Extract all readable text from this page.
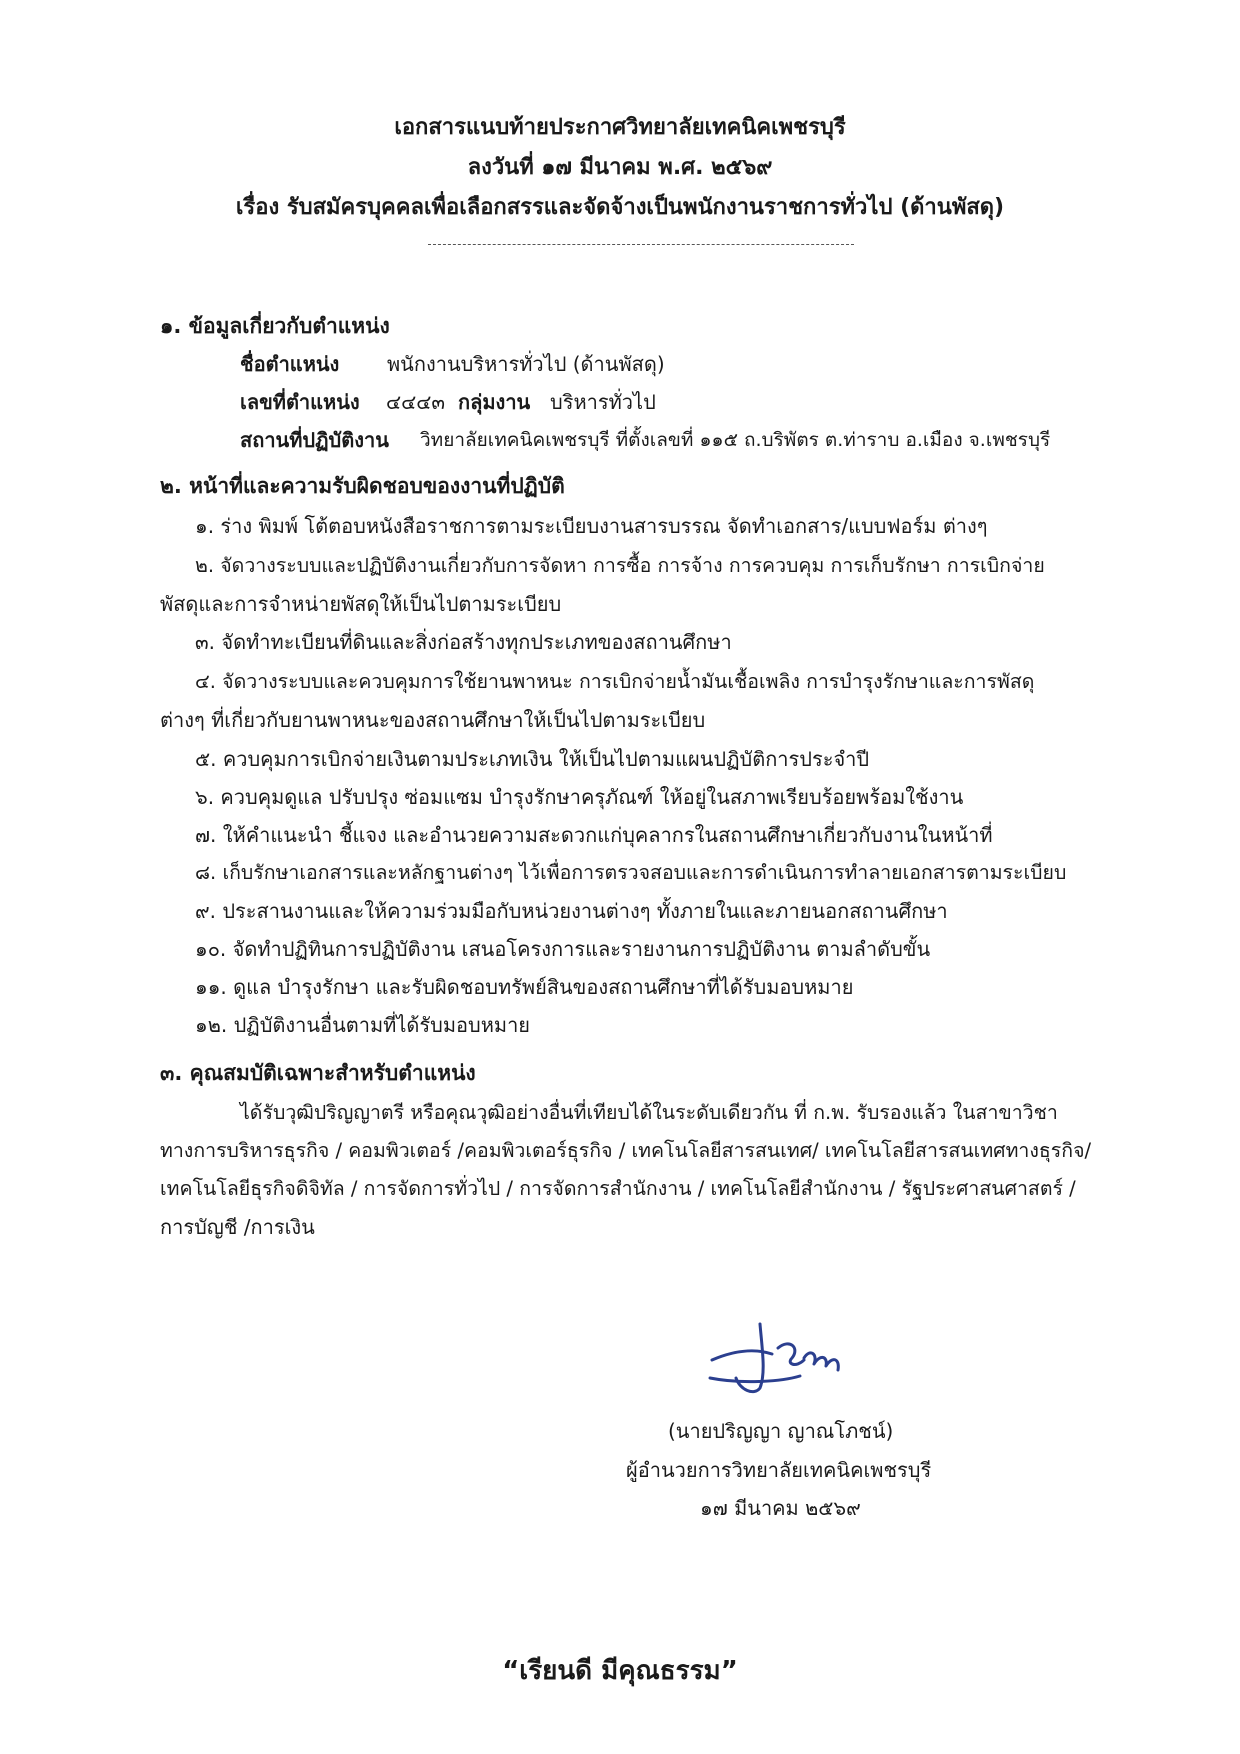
เอกสารแนบท้ายประกาศวิทยาลัยเทคนิคเพชรบุรี
ลงวันที่ ๑๗ มีนาคม พ.ศ. ๒๕๖๙
เรื่อง รับสมัครบุคคลเพื่อเลือกสรรและจัดจ้างเป็นพนักงานราชการทั่วไป (ด้านพัสดุ)
๑. ข้อมูลเกี่ยวกับตำแหน่ง
ชื่อตำแหน่ง พนักงานบริหารทั่วไป (ด้านพัสดุ)
เลขที่ตำแหน่ง ๔๔๔๓ กลุ่มงาน บริหารทั่วไป
สถานที่ปฏิบัติงาน วิทยาลัยเทคนิคเพชรบุรี ที่ตั้งเลขที่ ๑๑๕ ถ.บริพัตร ต.ท่าราบ อ.เมือง จ.เพชรบุรี
๒. หน้าที่และความรับผิดชอบของงานที่ปฏิบัติ
๑. ร่าง พิมพ์ โต้ตอบหนังสือราชการตามระเบียบงานสารบรรณ จัดทำเอกสาร/แบบฟอร์ม ต่างๆ
๒. จัดวางระบบและปฏิบัติงานเกี่ยวกับการจัดหา การซื้อ การจ้าง การควบคุม การเก็บรักษา การเบิกจ่าย
พัสดุและการจำหน่ายพัสดุให้เป็นไปตามระเบียบ
๓. จัดทำทะเบียนที่ดินและสิ่งก่อสร้างทุกประเภทของสถานศึกษา
๔. จัดวางระบบและควบคุมการใช้ยานพาหนะ การเบิกจ่ายน้ำมันเชื้อเพลิง การบำรุงรักษาและการพัสดุ
ต่างๆ ที่เกี่ยวกับยานพาหนะของสถานศึกษาให้เป็นไปตามระเบียบ
๕. ควบคุมการเบิกจ่ายเงินตามประเภทเงิน ให้เป็นไปตามแผนปฏิบัติการประจำปี
๖. ควบคุมดูแล ปรับปรุง ซ่อมแซม บำรุงรักษาครุภัณฑ์ ให้อยู่ในสภาพเรียบร้อยพร้อมใช้งาน
๗. ให้คำแนะนำ ชี้แจง และอำนวยความสะดวกแก่บุคลากรในสถานศึกษาเกี่ยวกับงานในหน้าที่
๘. เก็บรักษาเอกสารและหลักฐานต่างๆ ไว้เพื่อการตรวจสอบและการดำเนินการทำลายเอกสารตามระเบียบ
๙. ประสานงานและให้ความร่วมมือกับหน่วยงานต่างๆ ทั้งภายในและภายนอกสถานศึกษา
๑๐. จัดทำปฏิทินการปฏิบัติงาน เสนอโครงการและรายงานการปฏิบัติงาน ตามลำดับขั้น
๑๑. ดูแล บำรุงรักษา และรับผิดชอบทรัพย์สินของสถานศึกษาที่ได้รับมอบหมาย
๑๒. ปฏิบัติงานอื่นตามที่ได้รับมอบหมาย
๓. คุณสมบัติเฉพาะสำหรับตำแหน่ง
ได้รับวุฒิปริญญาตรี หรือคุณวุฒิอย่างอื่นที่เทียบได้ในระดับเดียวกัน ที่ ก.พ. รับรองแล้ว ในสาขาวิชา
ทางการบริหารธุรกิจ / คอมพิวเตอร์ /คอมพิวเตอร์ธุรกิจ / เทคโนโลยีสารสนเทศ/ เทคโนโลยีสารสนเทศทางธุรกิจ/
เทคโนโลยีธุรกิจดิจิทัล / การจัดการทั่วไป / การจัดการสำนักงาน / เทคโนโลยีสำนักงาน / รัฐประศาสนศาสตร์ /
การบัญชี /การเงิน
(นายปริญญา ญาณโภชน์)
ผู้อำนวยการวิทยาลัยเทคนิคเพชรบุรี
๑๗ มีนาคม ๒๕๖๙
“เรียนดี มีคุณธรรม”
